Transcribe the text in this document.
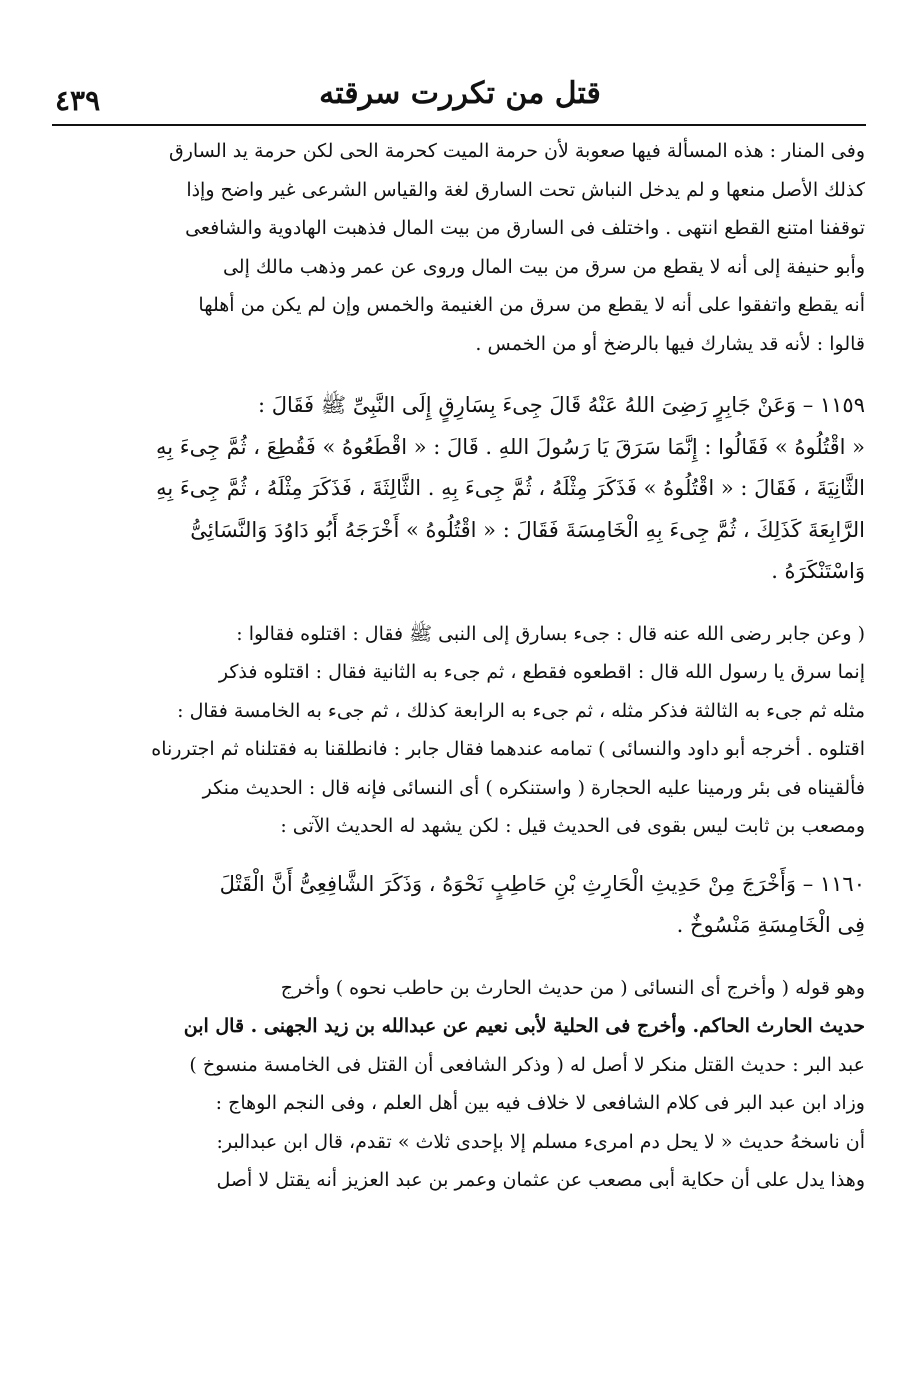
٤٣٩	قتل من تكررت سرقته
وفى المنار : هذه المسألة فيها صعوبة لأن حرمة الميت كحرمة الحى لكن حرمة يد السارق
كذلك الأصل منعها و لم يدخل النباش تحت السارق لغة والقياس الشرعى غير واضح وإذا
توقفنا امتنع القطع انتهى . واختلف فى السارق من بيت المال فذهبت الهادوية والشافعى
وأبو حنيفة إلى أنه لا يقطع من سرق من بيت المال وروى عن عمر وذهب مالك إلى
أنه يقطع واتفقوا على أنه لا يقطع من سرق من الغنيمة والخمس وإن لم يكن من أهلها
قالوا : لأنه قد يشارك فيها بالرضخ أو من الخمس .
١١٥٩ – وَعَنْ جَابِرٍ رَضِىَ اللهُ عَنْهُ قَالَ جِىءَ بِسَارِقٍ إِلَى النَّبِىِّ ﷺ فَقَالَ :
« اقْتُلُوهُ » فَقَالُوا : إِنَّمَا سَرَقَ يَا رَسُولَ اللهِ . قَالَ : « اقْطَعُوهُ » فَقُطِعَ ، ثُمَّ جِىءَ بِهِ
الثَّانِيَةَ ، فَقَالَ : « اقْتُلُوهُ » فَذَكَرَ مِثْلَهُ ، ثُمَّ جِىءَ بِهِ . الثَّالِثَةَ ، فَذَكَرَ مِثْلَهُ ، ثُمَّ جِىءَ بِهِ
الرَّابِعَةَ كَذَلِكَ ، ثُمَّ جِىءَ بِهِ الْخَامِسَةَ فَقَالَ : « اقْتُلُوهُ » أَخْرَجَهُ أَبُو دَاوُدَ وَالنَّسَائِىُّ
وَاسْتَنْكَرَهُ .
( وعن جابر رضى الله عنه قال : جىء بسارق إلى النبى ﷺ فقال : اقتلوه فقالوا :
إنما سرق يا رسول الله قال : اقطعوه فقطع ، ثم جىء به الثانية فقال : اقتلوه فذكر
مثله ثم جىء به الثالثة فذكر مثله ، ثم جىء به الرابعة كذلك ، ثم جىء به الخامسة فقال :
اقتلوه . أخرجه أبو داود والنسائى ) تمامه عندهما فقال جابر : فانطلقنا به فقتلناه ثم اجتررناه
فألقيناه فى بئر ورمينا عليه الحجارة ( واستنكره ) أى النسائى فإنه قال : الحديث منكر
ومصعب بن ثابت ليس بقوى فى الحديث قيل : لكن يشهد له الحديث الآتى :
١١٦٠ – وَأَخْرَجَ مِنْ حَدِيثِ الْحَارِثِ بْنِ حَاطِبٍ نَحْوَهُ ، وَذَكَرَ الشَّافِعِىُّ أَنَّ الْقَتْلَ
فِى الْخَامِسَةِ مَنْسُوخٌ .
وهو قوله ( وأخرج أى النسائى ( من حديث الحارث بن حاطب نحوه ) وأخرج
حديث الحارث الحاكم. وأخرج فى الحلية لأبى نعيم عن عبدالله بن زيد الجهنى . قال ابن
عبد البر : حديث القتل منكر لا أصل له ( وذكر الشافعى أن القتل فى الخامسة منسوخ )
وزاد ابن عبد البر فى كلام الشافعى لا خلاف فيه بين أهل العلم ، وفى النجم الوهاج :
أن ناسخهُ حديث « لا يحل دم امرىء مسلم إلا بإحدى ثلاث » تقدم، قال ابن عبدالبر:
وهذا يدل على أن حكاية أبى مصعب عن عثمان وعمر بن عبد العزيز أنه يقتل لا أصل
